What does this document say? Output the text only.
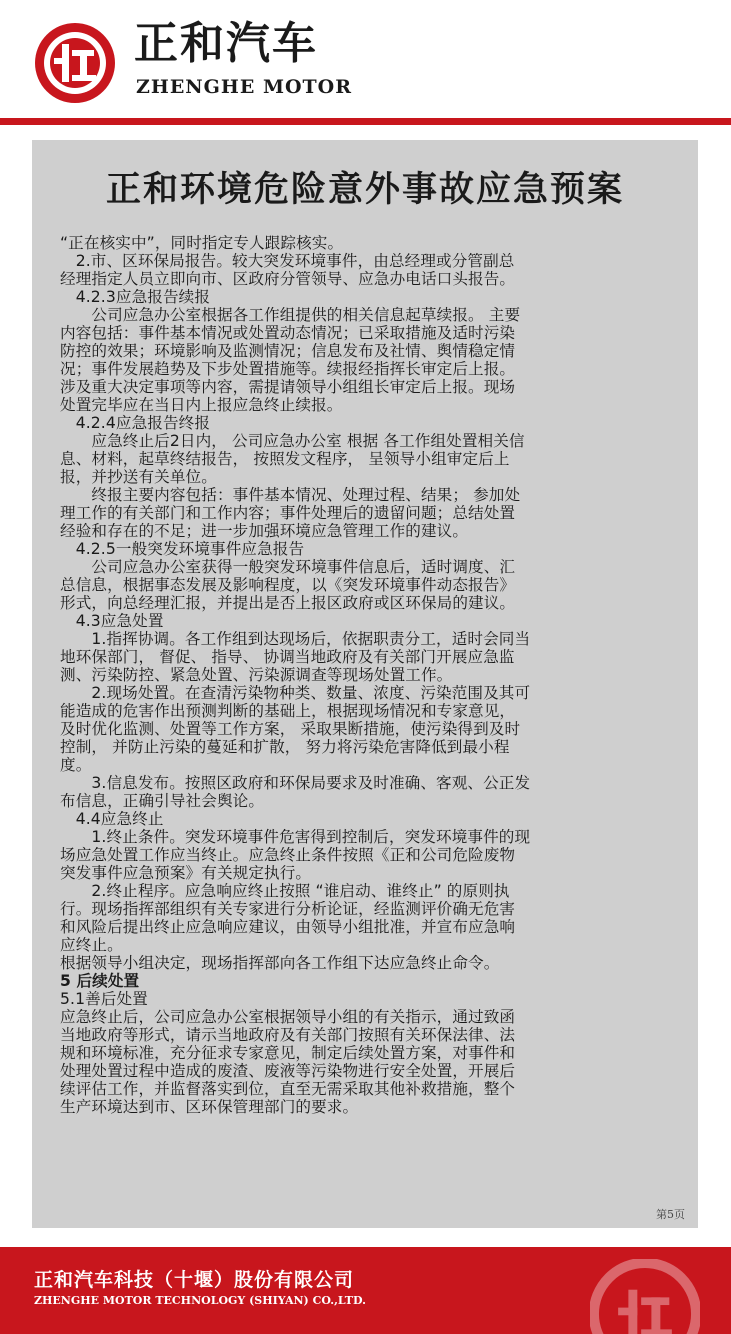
正和汽车
ZHENGHE MOTOR
正和环境危险意外事故应急预案
“正在核实中”，同时指定专人跟踪核实。
　2.市、区环保局报告。较大突发环境事件，由总经理或分管副总
经理指定人员立即向市、区政府分管领导、应急办电话口头报告。
　4.2.3应急报告续报
　　公司应急办公室根据各工作组提供的相关信息起草续报。 主要
内容包括：事件基本情况或处置动态情况；已采取措施及适时污染
防控的效果；环境影响及监测情况；信息发布及社情、舆情稳定情
况；事件发展趋势及下步处置措施等。续报经指挥长审定后上报。
涉及重大决定事项等内容，需提请领导小组组长审定后上报。现场
处置完毕应在当日内上报应急终止续报。
　4.2.4应急报告终报
　　应急终止后2日内， 公司应急办公室 根据 各工作组处置相关信
息、材料，起草终结报告， 按照发文程序， 呈领导小组审定后上
报，并抄送有关单位。
　　终报主要内容包括：事件基本情况、处理过程、结果； 参加处
理工作的有关部门和工作内容；事件处理后的遗留问题；总结处置
经验和存在的不足；进一步加强环境应急管理工作的建议。
　4.2.5一般突发环境事件应急报告
　　公司应急办公室获得一般突发环境事件信息后，适时调度、汇
总信息，根据事态发展及影响程度，以《突发环境事件动态报告》
形式，向总经理汇报，并提出是否上报区政府或区环保局的建议。
　4.3应急处置
　　1.指挥协调。各工作组到达现场后，依据职责分工，适时会同当
地环保部门， 督促、 指导、 协调当地政府及有关部门开展应急监
测、污染防控、紧急处置、污染源调查等现场处置工作。
　　2.现场处置。在查清污染物种类、数量、浓度、污染范围及其可
能造成的危害作出预测判断的基础上，根据现场情况和专家意见，
及时优化监测、处置等工作方案， 采取果断措施，使污染得到及时
控制， 并防止污染的蔓延和扩散， 努力将污染危害降低到最小程
度。
　　3.信息发布。按照区政府和环保局要求及时准确、客观、公正发
布信息，正确引导社会舆论。
　4.4应急终止
　　1.终止条件。突发环境事件危害得到控制后，突发环境事件的现
场应急处置工作应当终止。应急终止条件按照《正和公司危险废物
突发事件应急预案》有关规定执行。
　　2.终止程序。应急响应终止按照 “谁启动、谁终止” 的原则执
行。现场指挥部组织有关专家进行分析论证，经监测评价确无危害
和风险后提出终止应急响应建议，由领导小组批准，并宣布应急响
应终止。
根据领导小组决定，现场指挥部向各工作组下达应急终止命令。
5 后续处置
5.1善后处置
应急终止后，公司应急办公室根据领导小组的有关指示，通过致函
当地政府等形式，请示当地政府及有关部门按照有关环保法律、法
规和环境标准，充分征求专家意见，制定后续处置方案，对事件和
处理处置过程中造成的废渣、废液等污染物进行安全处置，开展后
续评估工作，并监督落实到位，直至无需采取其他补救措施，整个
生产环境达到市、区环保管理部门的要求。
第5页
正和汽车科技（十堰）股份有限公司
ZHENGHE MOTOR TECHNOLOGY (SHIYAN) CO.,LTD.
